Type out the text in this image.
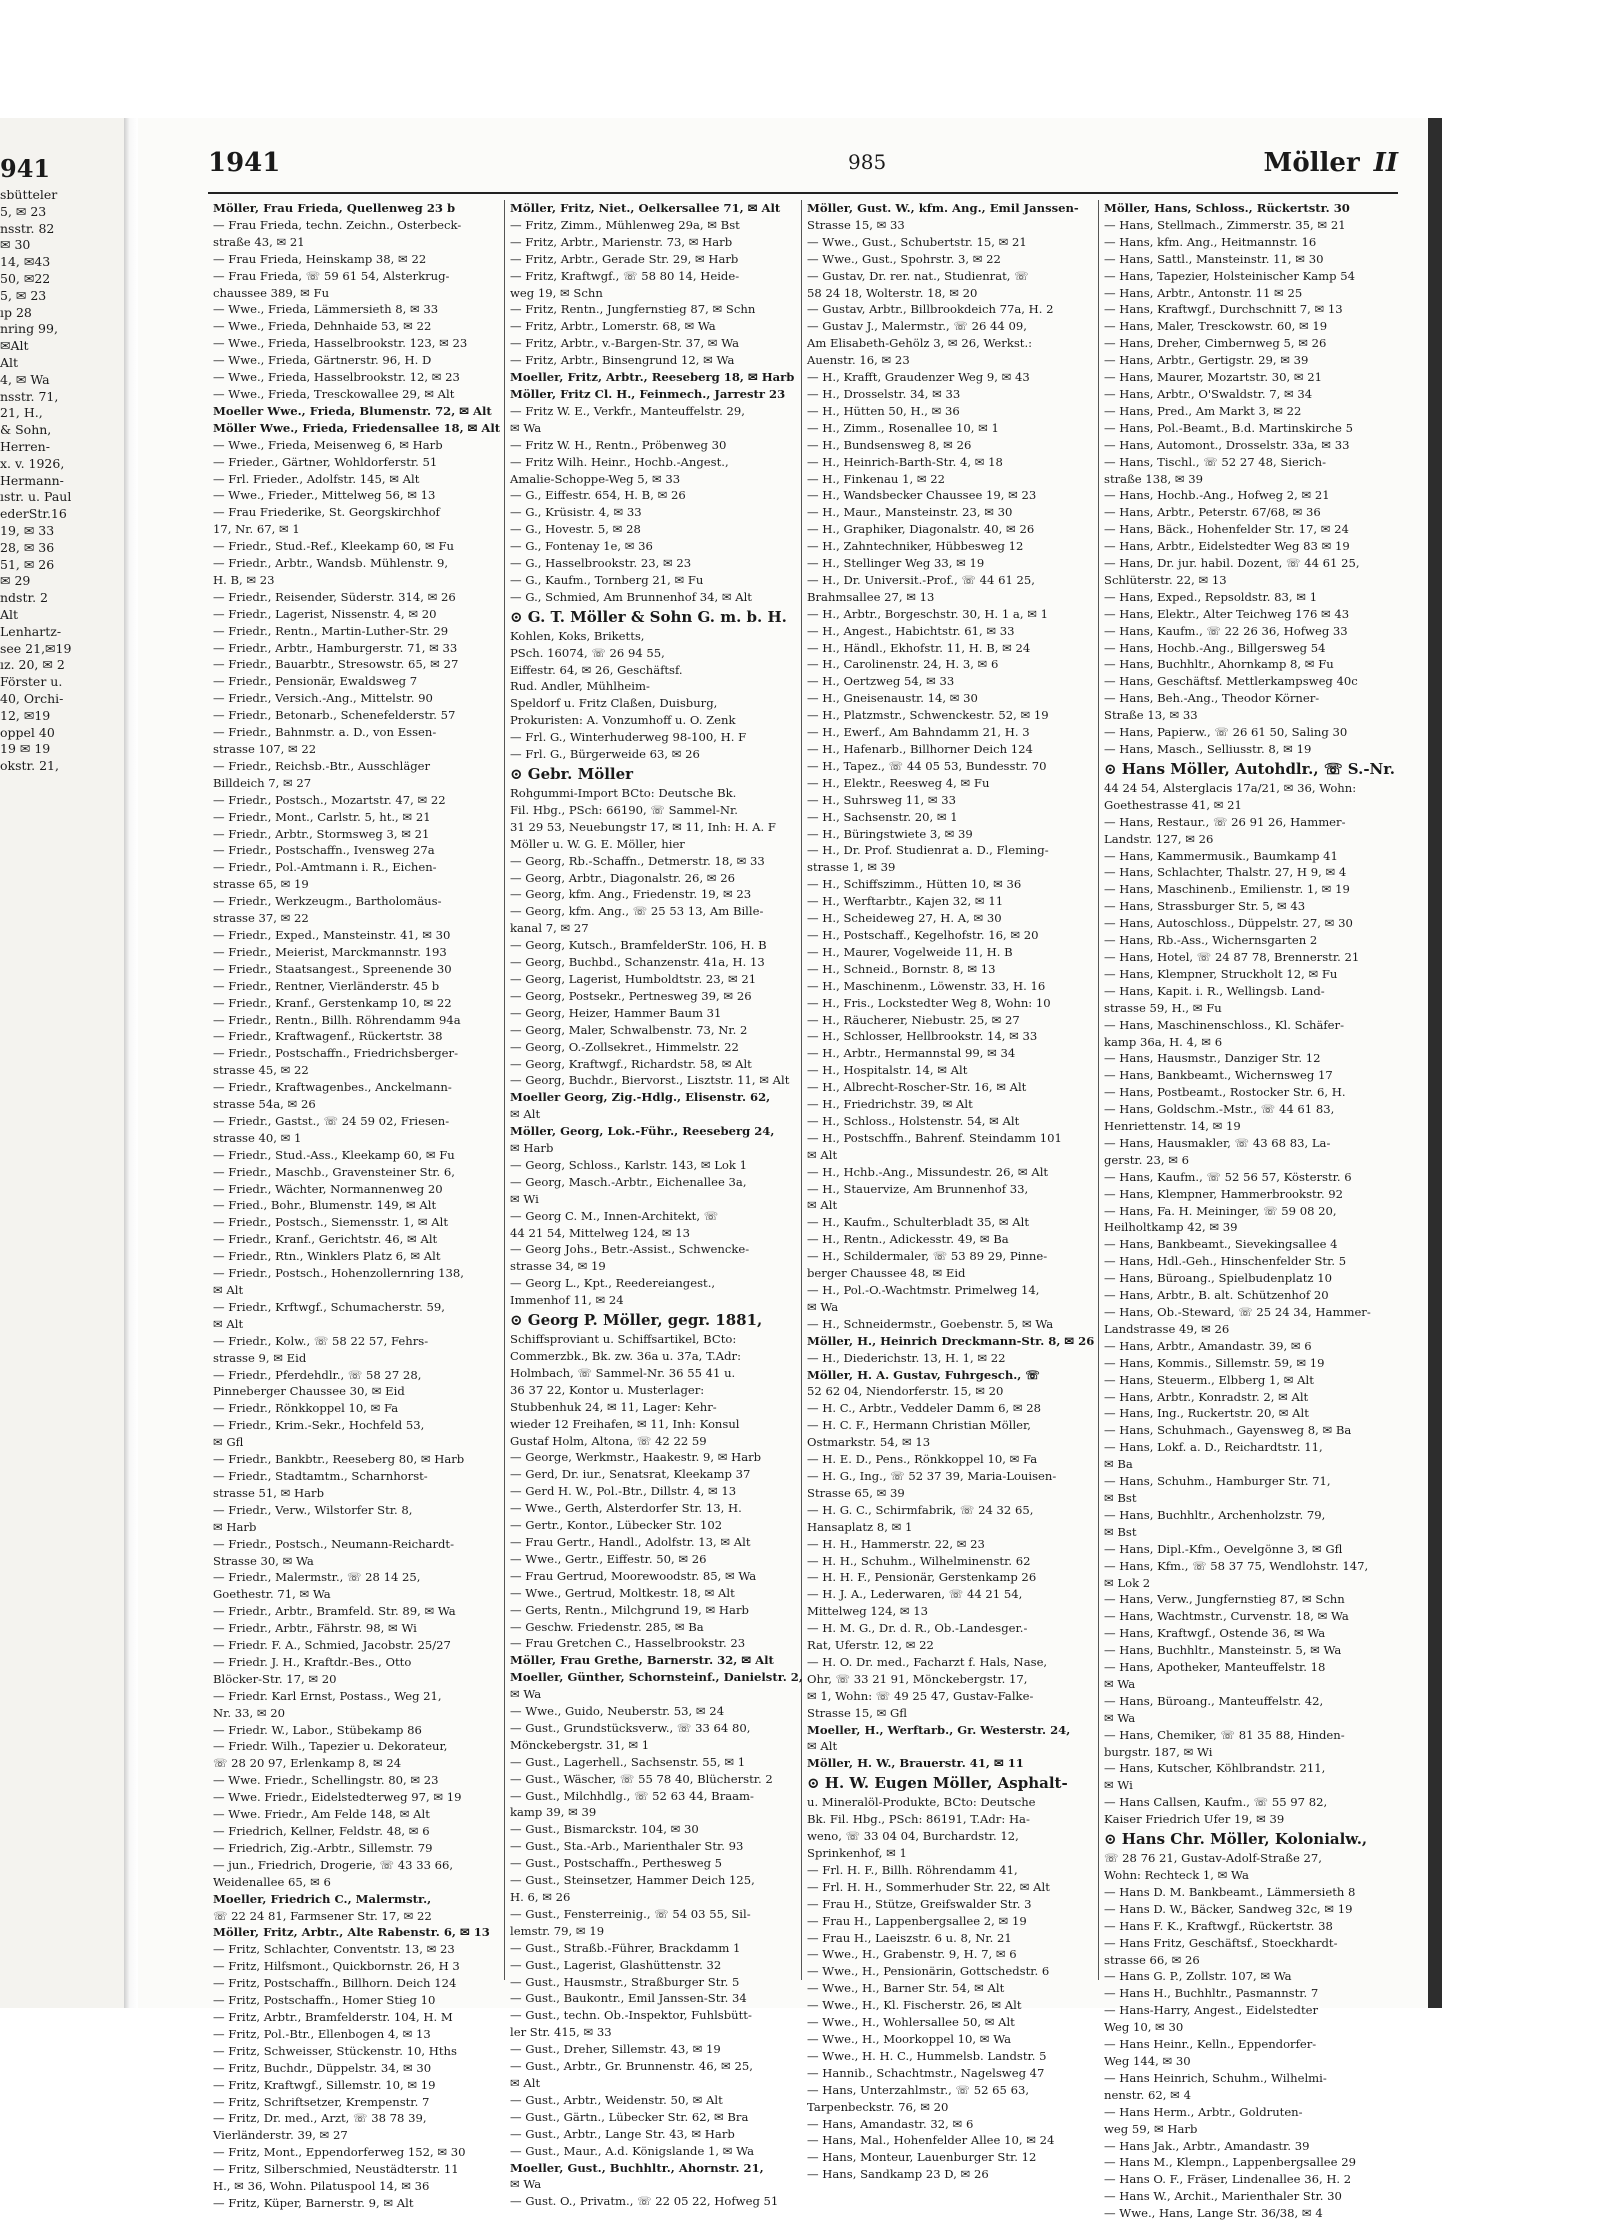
941
sbütteler
5, ✉ 23
nsstr. 82
✉ 30
14, ✉43
50, ✉22
5, ✉ 23
ıp 28
nring 99,
✉Alt
Alt
4, ✉ Wa
nsstr. 71,
21, H.,
& Sohn,
Herren-
x. v. 1926,
Hermann-
ıstr. u. Paul
ederStr.16
19, ✉ 33
28, ✉ 36
51, ✉ 26
✉ 29
ndstr. 2
Alt
Lenhartz-
see 21,✉19
ız. 20, ✉ 2
Förster u.
40, Orchi-
12, ✉19
oppel 40
19 ✉ 19
okstr. 21,
1941	985	Möller II
Möller, Frau Frieda, Quellenweg 23 b
— Frau Frieda, techn. Zeichn., Osterbeck-
straße 43, ✉ 21
— Frau Frieda, Heinskamp 38, ✉ 22
— Frau Frieda, ☏ 59 61 54, Alsterkrug-
chaussee 389, ✉ Fu
— Wwe., Frieda, Lämmersieth 8, ✉ 33
— Wwe., Frieda, Dehnhaide 53, ✉ 22
— Wwe., Frieda, Hasselbrookstr. 123, ✉ 23
— Wwe., Frieda, Gärtnerstr. 96, H. D
— Wwe., Frieda, Hasselbrookstr. 12, ✉ 23
— Wwe., Frieda, Tresckowallee 29, ✉ Alt
Moeller Wwe., Frieda, Blumenstr. 72, ✉ Alt
Möller Wwe., Frieda, Friedensallee 18, ✉ Alt
— Wwe., Frieda, Meisenweg 6, ✉ Harb
— Frieder., Gärtner, Wohldorferstr. 51
— Frl. Frieder., Adolfstr. 145, ✉ Alt
— Wwe., Frieder., Mittelweg 56, ✉ 13
— Frau Friederike, St. Georgskirchhof
17, Nr. 67, ✉ 1
— Friedr., Stud.-Ref., Kleekamp 60, ✉ Fu
— Friedr., Arbtr., Wandsb. Mühlenstr. 9,
H. B, ✉ 23
— Friedr., Reisender, Süderstr. 314, ✉ 26
— Friedr., Lagerist, Nissenstr. 4, ✉ 20
— Friedr., Rentn., Martin-Luther-Str. 29
— Friedr., Arbtr., Hamburgerstr. 71, ✉ 33
— Friedr., Bauarbtr., Stresowstr. 65, ✉ 27
— Friedr., Pensionär, Ewaldsweg 7
— Friedr., Versich.-Ang., Mittelstr. 90
— Friedr., Betonarb., Schenefelderstr. 57
— Friedr., Bahnmstr. a. D., von Essen-
strasse 107, ✉ 22
— Friedr., Reichsb.-Btr., Ausschläger
Billdeich 7, ✉ 27
— Friedr., Postsch., Mozartstr. 47, ✉ 22
— Friedr., Mont., Carlstr. 5, ht., ✉ 21
— Friedr., Arbtr., Stormsweg 3, ✉ 21
— Friedr., Postschaffn., Ivensweg 27a
— Friedr., Pol.-Amtmann i. R., Eichen-
strasse 65, ✉ 19
— Friedr., Werkzeugm., Bartholomäus-
strasse 37, ✉ 22
— Friedr., Exped., Mansteinstr. 41, ✉ 30
— Friedr., Meierist, Marckmannstr. 193
— Friedr., Staatsangest., Spreenende 30
— Friedr., Rentner, Vierländerstr. 45 b
— Friedr., Kranf., Gerstenkamp 10, ✉ 22
— Friedr., Rentn., Billh. Röhrendamm 94a
— Friedr., Kraftwagenf., Rückertstr. 38
— Friedr., Postschaffn., Friedrichsberger-
strasse 45, ✉ 22
— Friedr., Kraftwagenbes., Anckelmann-
strasse 54a, ✉ 26
— Friedr., Gastst., ☏ 24 59 02, Friesen-
strasse 40, ✉ 1
— Friedr., Stud.-Ass., Kleekamp 60, ✉ Fu
— Friedr., Maschb., Gravensteiner Str. 6,
— Friedr., Wächter, Normannenweg 20
— Fried., Bohr., Blumenstr. 149, ✉ Alt
— Friedr., Postsch., Siemensstr. 1, ✉ Alt
— Friedr., Kranf., Gerichtstr. 46, ✉ Alt
— Friedr., Rtn., Winklers Platz 6, ✉ Alt
— Friedr., Postsch., Hohenzollernring 138,
✉ Alt
— Friedr., Krftwgf., Schumacherstr. 59,
✉ Alt
— Friedr., Kolw., ☏ 58 22 57, Fehrs-
strasse 9, ✉ Eid
— Friedr., Pferdehdlr., ☏ 58 27 28,
Pinneberger Chaussee 30, ✉ Eid
— Friedr., Rönkkoppel 10, ✉ Fa
— Friedr., Krim.-Sekr., Hochfeld 53,
✉ Gfl
— Friedr., Bankbtr., Reeseberg 80, ✉ Harb
— Friedr., Stadtamtm., Scharnhorst-
strasse 51, ✉ Harb
— Friedr., Verw., Wilstorfer Str. 8,
✉ Harb
— Friedr., Postsch., Neumann-Reichardt-
Strasse 30, ✉ Wa
— Friedr., Malermstr., ☏ 28 14 25,
Goethestr. 71, ✉ Wa
— Friedr., Arbtr., Bramfeld. Str. 89, ✉ Wa
— Friedr., Arbtr., Fährstr. 98, ✉ Wi
— Friedr. F. A., Schmied, Jacobstr. 25/27
— Friedr. J. H., Kraftdr.-Bes., Otto
Blöcker-Str. 17, ✉ 20
— Friedr. Karl Ernst, Postass., Weg 21,
Nr. 33, ✉ 20
— Friedr. W., Labor., Stübekamp 86
— Friedr. Wilh., Tapezier u. Dekorateur,
☏ 28 20 97, Erlenkamp 8, ✉ 24
— Wwe. Friedr., Schellingstr. 80, ✉ 23
— Wwe. Friedr., Eidelstedterweg 97, ✉ 19
— Wwe. Friedr., Am Felde 148, ✉ Alt
— Friedrich, Kellner, Feldstr. 48, ✉ 6
— Friedrich, Zig.-Arbtr., Sillemstr. 79
— jun., Friedrich, Drogerie, ☏ 43 33 66,
Weidenallee 65, ✉ 6
Moeller, Friedrich C., Malermstr.,
☏ 22 24 81, Farmsener Str. 17, ✉ 22
Möller, Fritz, Arbtr., Alte Rabenstr. 6, ✉ 13
— Fritz, Schlachter, Conventstr. 13, ✉ 23
— Fritz, Hilfsmont., Quickbornstr. 26, H 3
— Fritz, Postschaffn., Billhorn. Deich 124
— Fritz, Postschaffn., Homer Stieg 10
— Fritz, Arbtr., Bramfelderstr. 104, H. M
— Fritz, Pol.-Btr., Ellenbogen 4, ✉ 13
— Fritz, Schweisser, Stückenstr. 10, Hths
— Fritz, Buchdr., Düppelstr. 34, ✉ 30
— Fritz, Kraftwgf., Sillemstr. 10, ✉ 19
— Fritz, Schriftsetzer, Krempenstr. 7
— Fritz, Dr. med., Arzt, ☏ 38 78 39,
Vierländerstr. 39, ✉ 27
— Fritz, Mont., Eppendorferweg 152, ✉ 30
— Fritz, Silberschmied, Neustädterstr. 11
H., ✉ 36, Wohn. Pilatuspool 14, ✉ 36
— Fritz, Küper, Barnerstr. 9, ✉ Alt
Möller, Fritz, Niet., Oelkersallee 71, ✉ Alt
— Fritz, Zimm., Mühlenweg 29a, ✉ Bst
— Fritz, Arbtr., Marienstr. 73, ✉ Harb
— Fritz, Arbtr., Gerade Str. 29, ✉ Harb
— Fritz, Kraftwgf., ☏ 58 80 14, Heide-
weg 19, ✉ Schn
— Fritz, Rentn., Jungfernstieg 87, ✉ Schn
— Fritz, Arbtr., Lomerstr. 68, ✉ Wa
— Fritz, Arbtr., v.-Bargen-Str. 37, ✉ Wa
— Fritz, Arbtr., Binsengrund 12, ✉ Wa
Moeller, Fritz, Arbtr., Reeseberg 18, ✉ Harb
Möller, Fritz Cl. H., Feinmech., Jarrestr 23
— Fritz W. E., Verkfr., Manteuffelstr. 29,
✉ Wa
— Fritz W. H., Rentn., Pröbenweg 30
— Fritz Wilh. Heinr., Hochb.-Angest.,
Amalie-Schoppe-Weg 5, ✉ 33
— G., Eiffestr. 654, H. B, ✉ 26
— G., Krüsistr. 4, ✉ 33
— G., Hovestr. 5, ✉ 28
— G., Fontenay 1e, ✉ 36
— G., Hasselbrookstr. 23, ✉ 23
— G., Kaufm., Tornberg 21, ✉ Fu
— G., Schmied, Am Brunnenhof 34, ✉ Alt
⊙ G. T. Möller & Sohn G. m. b. H.
Kohlen, Koks, Briketts,
PSch. 16074, ☏ 26 94 55,
Eiffestr. 64, ✉ 26, Geschäftsf.
Rud. Andler, Mühlheim-
Speldorf u. Fritz Claßen, Duisburg,
Prokuristen: A. Vonzumhoff u. O. Zenk
— Frl. G., Winterhuderweg 98-100, H. F
— Frl. G., Bürgerweide 63, ✉ 26
⊙ Gebr. Möller
Rohgummi-Import BCto: Deutsche Bk.
Fil. Hbg., PSch: 66190, ☏ Sammel-Nr.
31 29 53, Neuebungstr 17, ✉ 11, Inh: H. A. F
Möller u. W. G. E. Möller, hier
— Georg, Rb.-Schaffn., Detmerstr. 18, ✉ 33
— Georg, Arbtr., Diagonalstr. 26, ✉ 26
— Georg, kfm. Ang., Friedenstr. 19, ✉ 23
— Georg, kfm. Ang., ☏ 25 53 13, Am Bille-
kanal 7, ✉ 27
— Georg, Kutsch., BramfelderStr. 106, H. B
— Georg, Buchbd., Schanzenstr. 41a, H. 13
— Georg, Lagerist, Humboldtstr. 23, ✉ 21
— Georg, Postsekr., Pertnesweg 39, ✉ 26
— Georg, Heizer, Hammer Baum 31
— Georg, Maler, Schwalbenstr. 73, Nr. 2
— Georg, O.-Zollsekret., Himmelstr. 22
— Georg, Kraftwgf., Richardstr. 58, ✉ Alt
— Georg, Buchdr., Biervorst., Lisztstr. 11, ✉ Alt
Moeller Georg, Zig.-Hdlg., Elisenstr. 62,
✉ Alt
Möller, Georg, Lok.-Führ., Reeseberg 24,
✉ Harb
— Georg, Schloss., Karlstr. 143, ✉ Lok 1
— Georg, Masch.-Arbtr., Eichenallee 3a,
✉ Wi
— Georg C. M., Innen-Architekt, ☏
44 21 54, Mittelweg 124, ✉ 13
— Georg Johs., Betr.-Assist., Schwencke-
strasse 34, ✉ 19
— Georg L., Kpt., Reedereiangest.,
Immenhof 11, ✉ 24
⊙ Georg P. Möller, gegr. 1881,
Schiffsproviant u. Schiffsartikel, BCto:
Commerzbk., Bk. zw. 36a u. 37a, T.Adr:
Holmbach, ☏ Sammel-Nr. 36 55 41 u.
36 37 22, Kontor u. Musterlager:
Stubbenhuk 24, ✉ 11, Lager: Kehr-
wieder 12 Freihafen, ✉ 11, Inh: Konsul
Gustaf Holm, Altona, ☏ 42 22 59
— George, Werkmstr., Haakestr. 9, ✉ Harb
— Gerd, Dr. iur., Senatsrat, Kleekamp 37
— Gerd H. W., Pol.-Btr., Dillstr. 4, ✉ 13
— Wwe., Gerth, Alsterdorfer Str. 13, H.
— Gertr., Kontor., Lübecker Str. 102
— Frau Gertr., Handl., Adolfstr. 13, ✉ Alt
— Wwe., Gertr., Eiffestr. 50, ✉ 26
— Frau Gertrud, Moorewoodstr. 85, ✉ Wa
— Wwe., Gertrud, Moltkestr. 18, ✉ Alt
— Gerts, Rentn., Milchgrund 19, ✉ Harb
— Geschw. Friedenstr. 285, ✉ Ba
— Frau Gretchen C., Hasselbrookstr. 23
Möller, Frau Grethe, Barnerstr. 32, ✉ Alt
Moeller, Günther, Schornsteinf., Danielstr. 2,
✉ Wa
— Wwe., Guido, Neuberstr. 53, ✉ 24
— Gust., Grundstücksverw., ☏ 33 64 80,
Mönckebergstr. 31, ✉ 1
— Gust., Lagerhell., Sachsenstr. 55, ✉ 1
— Gust., Wäscher, ☏ 55 78 40, Blücherstr. 2
— Gust., Milchhdlg., ☏ 52 63 44, Braam-
kamp 39, ✉ 39
— Gust., Bismarckstr. 104, ✉ 30
— Gust., Sta.-Arb., Marienthaler Str. 93
— Gust., Postschaffn., Perthesweg 5
— Gust., Steinsetzer, Hammer Deich 125,
H. 6, ✉ 26
— Gust., Fensterreinig., ☏ 54 03 55, Sil-
lemstr. 79, ✉ 19
— Gust., Straßb.-Führer, Brackdamm 1
— Gust., Lagerist, Glashüttenstr. 32
— Gust., Hausmstr., Straßburger Str. 5
— Gust., Baukontr., Emil Janssen-Str. 34
— Gust., techn. Ob.-Inspektor, Fuhlsbütt-
ler Str. 415, ✉ 33
— Gust., Dreher, Sillemstr. 43, ✉ 19
— Gust., Arbtr., Gr. Brunnenstr. 46, ✉ 25,
✉ Alt
— Gust., Arbtr., Weidenstr. 50, ✉ Alt
— Gust., Gärtn., Lübecker Str. 62, ✉ Bra
— Gust., Arbtr., Lange Str. 43, ✉ Harb
— Gust., Maur., A.d. Königslande 1, ✉ Wa
Moeller, Gust., Buchhltr., Ahornstr. 21,
✉ Wa
— Gust. O., Privatm., ☏ 22 05 22, Hofweg 51
Möller, Gust. W., kfm. Ang., Emil Janssen-
Strasse 15, ✉ 33
— Wwe., Gust., Schubertstr. 15, ✉ 21
— Wwe., Gust., Spohrstr. 3, ✉ 22
— Gustav, Dr. rer. nat., Studienrat, ☏
58 24 18, Wolterstr. 18, ✉ 20
— Gustav, Arbtr., Billbrookdeich 77a, H. 2
— Gustav J., Malermstr., ☏ 26 44 09,
Am Elisabeth-Gehölz 3, ✉ 26, Werkst.:
Auenstr. 16, ✉ 23
— H., Krafft, Graudenzer Weg 9, ✉ 43
— H., Drosselstr. 34, ✉ 33
— H., Hütten 50, H., ✉ 36
— H., Zimm., Rosenallee 10, ✉ 1
— H., Bundsensweg 8, ✉ 26
— H., Heinrich-Barth-Str. 4, ✉ 18
— H., Finkenau 1, ✉ 22
— H., Wandsbecker Chaussee 19, ✉ 23
— H., Maur., Mansteinstr. 23, ✉ 30
— H., Graphiker, Diagonalstr. 40, ✉ 26
— H., Zahntechniker, Hübbesweg 12
— H., Stellinger Weg 33, ✉ 19
— H., Dr. Universit.-Prof., ☏ 44 61 25,
Brahmsallee 27, ✉ 13
— H., Arbtr., Borgeschstr. 30, H. 1 a, ✉ 1
— H., Angest., Habichtstr. 61, ✉ 33
— H., Händl., Ekhofstr. 11, H. B, ✉ 24
— H., Carolinenstr. 24, H. 3, ✉ 6
— H., Oertzweg 54, ✉ 33
— H., Gneisenaustr. 14, ✉ 30
— H., Platzmstr., Schwenckestr. 52, ✉ 19
— H., Ewerf., Am Bahndamm 21, H. 3
— H., Hafenarb., Billhorner Deich 124
— H., Tapez., ☏ 44 05 53, Bundesstr. 70
— H., Elektr., Reesweg 4, ✉ Fu
— H., Suhrsweg 11, ✉ 33
— H., Sachsenstr. 20, ✉ 1
— H., Büringstwiete 3, ✉ 39
— H., Dr. Prof. Studienrat a. D., Fleming-
strasse 1, ✉ 39
— H., Schiffszimm., Hütten 10, ✉ 36
— H., Werftarbtr., Kajen 32, ✉ 11
— H., Scheideweg 27, H. A, ✉ 30
— H., Postschaff., Kegelhofstr. 16, ✉ 20
— H., Maurer, Vogelweide 11, H. B
— H., Schneid., Bornstr. 8, ✉ 13
— H., Maschinenm., Löwenstr. 33, H. 16
— H., Fris., Lockstedter Weg 8, Wohn: 10
— H., Räucherer, Niebustr. 25, ✉ 27
— H., Schlosser, Hellbrookstr. 14, ✉ 33
— H., Arbtr., Hermannstal 99, ✉ 34
— H., Hospitalstr. 14, ✉ Alt
— H., Albrecht-Roscher-Str. 16, ✉ Alt
— H., Friedrichstr. 39, ✉ Alt
— H., Schloss., Holstenstr. 54, ✉ Alt
— H., Postschffn., Bahrenf. Steindamm 101
✉ Alt
— H., Hchb.-Ang., Missundestr. 26, ✉ Alt
— H., Stauervize, Am Brunnenhof 33,
✉ Alt
— H., Kaufm., Schulterbladt 35, ✉ Alt
— H., Rentn., Adickesstr. 49, ✉ Ba
— H., Schildermaler, ☏ 53 89 29, Pinne-
berger Chaussee 48, ✉ Eid
— H., Pol.-O.-Wachtmstr. Primelweg 14,
✉ Wa
— H., Schneidermstr., Goebenstr. 5, ✉ Wa
Möller, H., Heinrich Dreckmann-Str. 8, ✉ 26
— H., Diederichstr. 13, H. 1, ✉ 22
Möller, H. A. Gustav, Fuhrgesch., ☏
52 62 04, Niendorferstr. 15, ✉ 20
— H. C., Arbtr., Veddeler Damm 6, ✉ 28
— H. C. F., Hermann Christian Möller,
Ostmarkstr. 54, ✉ 13
— H. E. D., Pens., Rönkkoppel 10, ✉ Fa
— H. G., Ing., ☏ 52 37 39, Maria-Louisen-
Strasse 65, ✉ 39
— H. G. C., Schirmfabrik, ☏ 24 32 65,
Hansaplatz 8, ✉ 1
— H. H., Hammerstr. 22, ✉ 23
— H. H., Schuhm., Wilhelminenstr. 62
— H. H. F., Pensionär, Gerstenkamp 26
— H. J. A., Lederwaren, ☏ 44 21 54,
Mittelweg 124, ✉ 13
— H. M. G., Dr. d. R., Ob.-Landesger.-
Rat, Uferstr. 12, ✉ 22
— H. O. Dr. med., Facharzt f. Hals, Nase,
Ohr, ☏ 33 21 91, Mönckebergstr. 17,
✉ 1, Wohn: ☏ 49 25 47, Gustav-Falke-
Strasse 15, ✉ Gfl
Moeller, H., Werftarb., Gr. Westerstr. 24,
✉ Alt
Möller, H. W., Brauerstr. 41, ✉ 11
⊙ H. W. Eugen Möller, Asphalt-
u. Mineralöl-Produkte, BCto: Deutsche
Bk. Fil. Hbg., PSch: 86191, T.Adr: Ha-
weno, ☏ 33 04 04, Burchardstr. 12,
Sprinkenhof, ✉ 1
— Frl. H. F., Billh. Röhrendamm 41,
— Frl. H. H., Sommerhuder Str. 22, ✉ Alt
— Frau H., Stütze, Greifswalder Str. 3
— Frau H., Lappenbergsallee 2, ✉ 19
— Frau H., Laeiszstr. 6 u. 8, Nr. 21
— Wwe., H., Grabenstr. 9, H. 7, ✉ 6
— Wwe., H., Pensionärin, Gottschedstr. 6
— Wwe., H., Barner Str. 54, ✉ Alt
— Wwe., H., Kl. Fischerstr. 26, ✉ Alt
— Wwe., H., Wohlersallee 50, ✉ Alt
— Wwe., H., Moorkoppel 10, ✉ Wa
— Wwe., H. H. C., Hummelsb. Landstr. 5
— Hannib., Schachtmstr., Nagelsweg 47
— Hans, Unterzahlmstr., ☏ 52 65 63,
Tarpenbeckstr. 76, ✉ 20
— Hans, Amandastr. 32, ✉ 6
— Hans, Mal., Hohenfelder Allee 10, ✉ 24
— Hans, Monteur, Lauenburger Str. 12
— Hans, Sandkamp 23 D, ✉ 26
Möller, Hans, Schloss., Rückertstr. 30
— Hans, Stellmach., Zimmerstr. 35, ✉ 21
— Hans, kfm. Ang., Heitmannstr. 16
— Hans, Sattl., Mansteinstr. 11, ✉ 30
— Hans, Tapezier, Holsteinischer Kamp 54
— Hans, Arbtr., Antonstr. 11 ✉ 25
— Hans, Kraftwgf., Durchschnitt 7, ✉ 13
— Hans, Maler, Tresckowstr. 60, ✉ 19
— Hans, Dreher, Cimbernweg 5, ✉ 26
— Hans, Arbtr., Gertigstr. 29, ✉ 39
— Hans, Maurer, Mozartstr. 30, ✉ 21
— Hans, Arbtr., O'Swaldstr. 7, ✉ 34
— Hans, Pred., Am Markt 3, ✉ 22
— Hans, Pol.-Beamt., B.d. Martinskirche 5
— Hans, Automont., Drosselstr. 33a, ✉ 33
— Hans, Tischl., ☏ 52 27 48, Sierich-
straße 138, ✉ 39
— Hans, Hochb.-Ang., Hofweg 2, ✉ 21
— Hans, Arbtr., Peterstr. 67/68, ✉ 36
— Hans, Bäck., Hohenfelder Str. 17, ✉ 24
— Hans, Arbtr., Eidelstedter Weg 83 ✉ 19
— Hans, Dr. jur. habil. Dozent, ☏ 44 61 25,
Schlüterstr. 22, ✉ 13
— Hans, Exped., Repsoldstr. 83, ✉ 1
— Hans, Elektr., Alter Teichweg 176 ✉ 43
— Hans, Kaufm., ☏ 22 26 36, Hofweg 33
— Hans, Hochb.-Ang., Billgersweg 54
— Hans, Buchhltr., Ahornkamp 8, ✉ Fu
— Hans, Geschäftsf. Mettlerkampsweg 40c
— Hans, Beh.-Ang., Theodor Körner-
Straße 13, ✉ 33
— Hans, Papierw., ☏ 26 61 50, Saling 30
— Hans, Masch., Selliusstr. 8, ✉ 19
⊙ Hans Möller, Autohdlr., ☏ S.-Nr.
44 24 54, Alsterglacis 17a/21, ✉ 36, Wohn:
Goethestrasse 41, ✉ 21
— Hans, Restaur., ☏ 26 91 26, Hammer-
Landstr. 127, ✉ 26
— Hans, Kammermusik., Baumkamp 41
— Hans, Schlachter, Thalstr. 27, H 9, ✉ 4
— Hans, Maschinenb., Emilienstr. 1, ✉ 19
— Hans, Strassburger Str. 5, ✉ 43
— Hans, Autoschloss., Düppelstr. 27, ✉ 30
— Hans, Rb.-Ass., Wichernsgarten 2
— Hans, Hotel, ☏ 24 87 78, Brennerstr. 21
— Hans, Klempner, Struckholt 12, ✉ Fu
— Hans, Kapit. i. R., Wellingsb. Land-
strasse 59, H., ✉ Fu
— Hans, Maschinenschloss., Kl. Schäfer-
kamp 36a, H. 4, ✉ 6
— Hans, Hausmstr., Danziger Str. 12
— Hans, Bankbeamt., Wichernsweg 17
— Hans, Postbeamt., Rostocker Str. 6, H.
— Hans, Goldschm.-Mstr., ☏ 44 61 83,
Henriettenstr. 14, ✉ 19
— Hans, Hausmakler, ☏ 43 68 83, La-
gerstr. 23, ✉ 6
— Hans, Kaufm., ☏ 52 56 57, Kösterstr. 6
— Hans, Klempner, Hammerbrookstr. 92
— Hans, Fa. H. Meininger, ☏ 59 08 20,
Heilholtkamp 42, ✉ 39
— Hans, Bankbeamt., Sievekingsallee 4
— Hans, Hdl.-Geh., Hinschenfelder Str. 5
— Hans, Büroang., Spielbudenplatz 10
— Hans, Arbtr., B. alt. Schützenhof 20
— Hans, Ob.-Steward, ☏ 25 24 34, Hammer-
Landstrasse 49, ✉ 26
— Hans, Arbtr., Amandastr. 39, ✉ 6
— Hans, Kommis., Sillemstr. 59, ✉ 19
— Hans, Steuerm., Elbberg 1, ✉ Alt
— Hans, Arbtr., Konradstr. 2, ✉ Alt
— Hans, Ing., Ruckertstr. 20, ✉ Alt
— Hans, Schuhmach., Gayensweg 8, ✉ Ba
— Hans, Lokf. a. D., Reichardtstr. 11,
✉ Ba
— Hans, Schuhm., Hamburger Str. 71,
✉ Bst
— Hans, Buchhltr., Archenholzstr. 79,
✉ Bst
— Hans, Dipl.-Kfm., Oevelgönne 3, ✉ Gfl
— Hans, Kfm., ☏ 58 37 75, Wendlohstr. 147,
✉ Lok 2
— Hans, Verw., Jungfernstieg 87, ✉ Schn
— Hans, Wachtmstr., Curvenstr. 18, ✉ Wa
— Hans, Kraftwgf., Ostende 36, ✉ Wa
— Hans, Buchhltr., Mansteinstr. 5, ✉ Wa
— Hans, Apotheker, Manteuffelstr. 18
✉ Wa
— Hans, Büroang., Manteuffelstr. 42,
✉ Wa
— Hans, Chemiker, ☏ 81 35 88, Hinden-
burgstr. 187, ✉ Wi
— Hans, Kutscher, Köhlbrandstr. 211,
✉ Wi
— Hans Callsen, Kaufm., ☏ 55 97 82,
Kaiser Friedrich Ufer 19, ✉ 39
⊙ Hans Chr. Möller, Kolonialw.,
☏ 28 76 21, Gustav-Adolf-Straße 27,
Wohn: Rechteck 1, ✉ Wa
— Hans D. M. Bankbeamt., Lämmersieth 8
— Hans D. W., Bäcker, Sandweg 32c, ✉ 19
— Hans F. K., Kraftwgf., Rückertstr. 38
— Hans Fritz, Geschäftsf., Stoeckhardt-
strasse 66, ✉ 26
— Hans G. P., Zollstr. 107, ✉ Wa
— Hans H., Buchhltr., Pasmannstr. 7
— Hans-Harry, Angest., Eidelstedter
Weg 10, ✉ 30
— Hans Heinr., Kelln., Eppendorfer-
Weg 144, ✉ 30
— Hans Heinrich, Schuhm., Wilhelmi-
nenstr. 62, ✉ 4
— Hans Herm., Arbtr., Goldruten-
weg 59, ✉ Harb
— Hans Jak., Arbtr., Amandastr. 39
— Hans M., Klempn., Lappenbergsallee 29
— Hans O. F., Fräser, Lindenallee 36, H. 2
— Hans W., Archit., Marienthaler Str. 30
— Wwe., Hans, Lange Str. 36/38, ✉ 4
